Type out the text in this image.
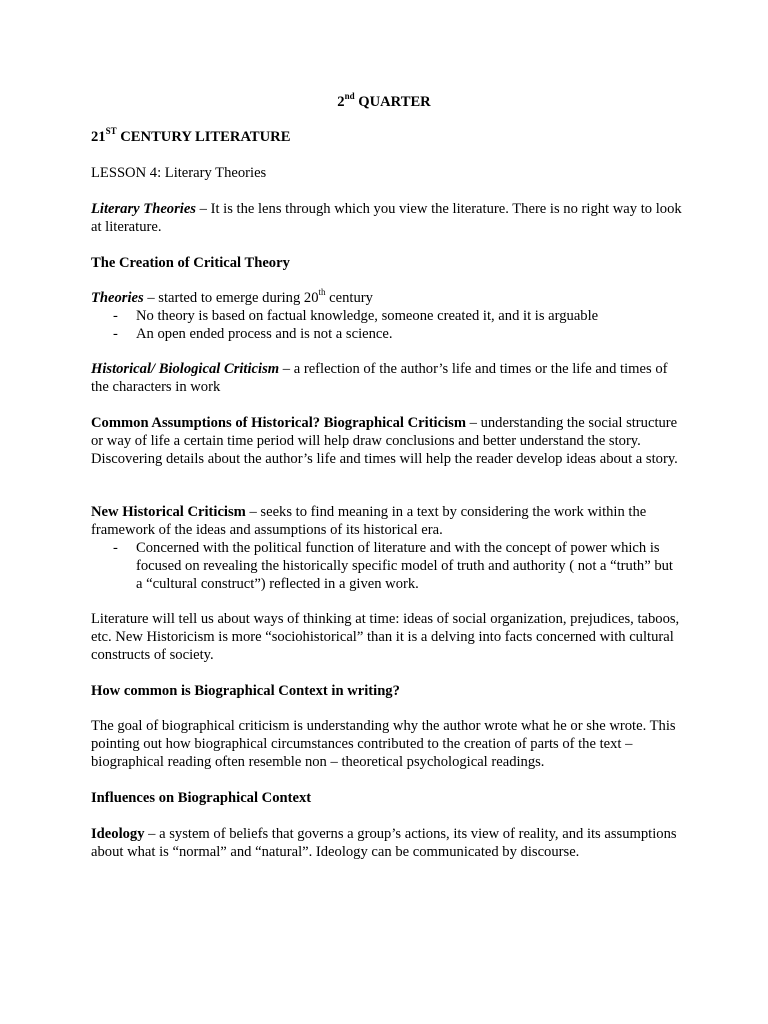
2nd QUARTER

21ST CENTURY LITERATURE

LESSON 4: Literary Theories

Literary Theories – It is the lens through which you view the literature. There is no right way to look at literature.

The Creation of Critical Theory

Theories – started to emerge during 20th century
- No theory is based on factual knowledge, someone created it, and it is arguable
- An open ended process and is not a science.

Historical/ Biological Criticism – a reflection of the author’s life and times or the life and times of the characters in work

Common Assumptions of Historical? Biographical Criticism – understanding the social structure or way of life a certain time period will help draw conclusions and better understand the story. Discovering details about the author’s life and times will help the reader develop ideas about a story.

New Historical Criticism – seeks to find meaning in a text by considering the work within the framework of the ideas and assumptions of its historical era.
- Concerned with the political function of literature and with the concept of power which is focused on revealing the historically specific model of truth and authority ( not a “truth” but a “cultural construct”) reflected in a given work.

Literature will tell us about ways of thinking at time: ideas of social organization, prejudices, taboos, etc. New Historicism is more “sociohistorical” than it is a delving into facts concerned with cultural constructs of society.

How common is Biographical Context in writing?

The goal of biographical criticism is understanding why the author wrote what he or she wrote. This pointing out how biographical circumstances contributed to the creation of parts of the text – biographical reading often resemble non – theoretical psychological readings.

Influences on Biographical Context

Ideology – a system of beliefs that governs a group’s actions, its view of reality, and its assumptions about what is “normal” and “natural”. Ideology can be communicated by discourse.
